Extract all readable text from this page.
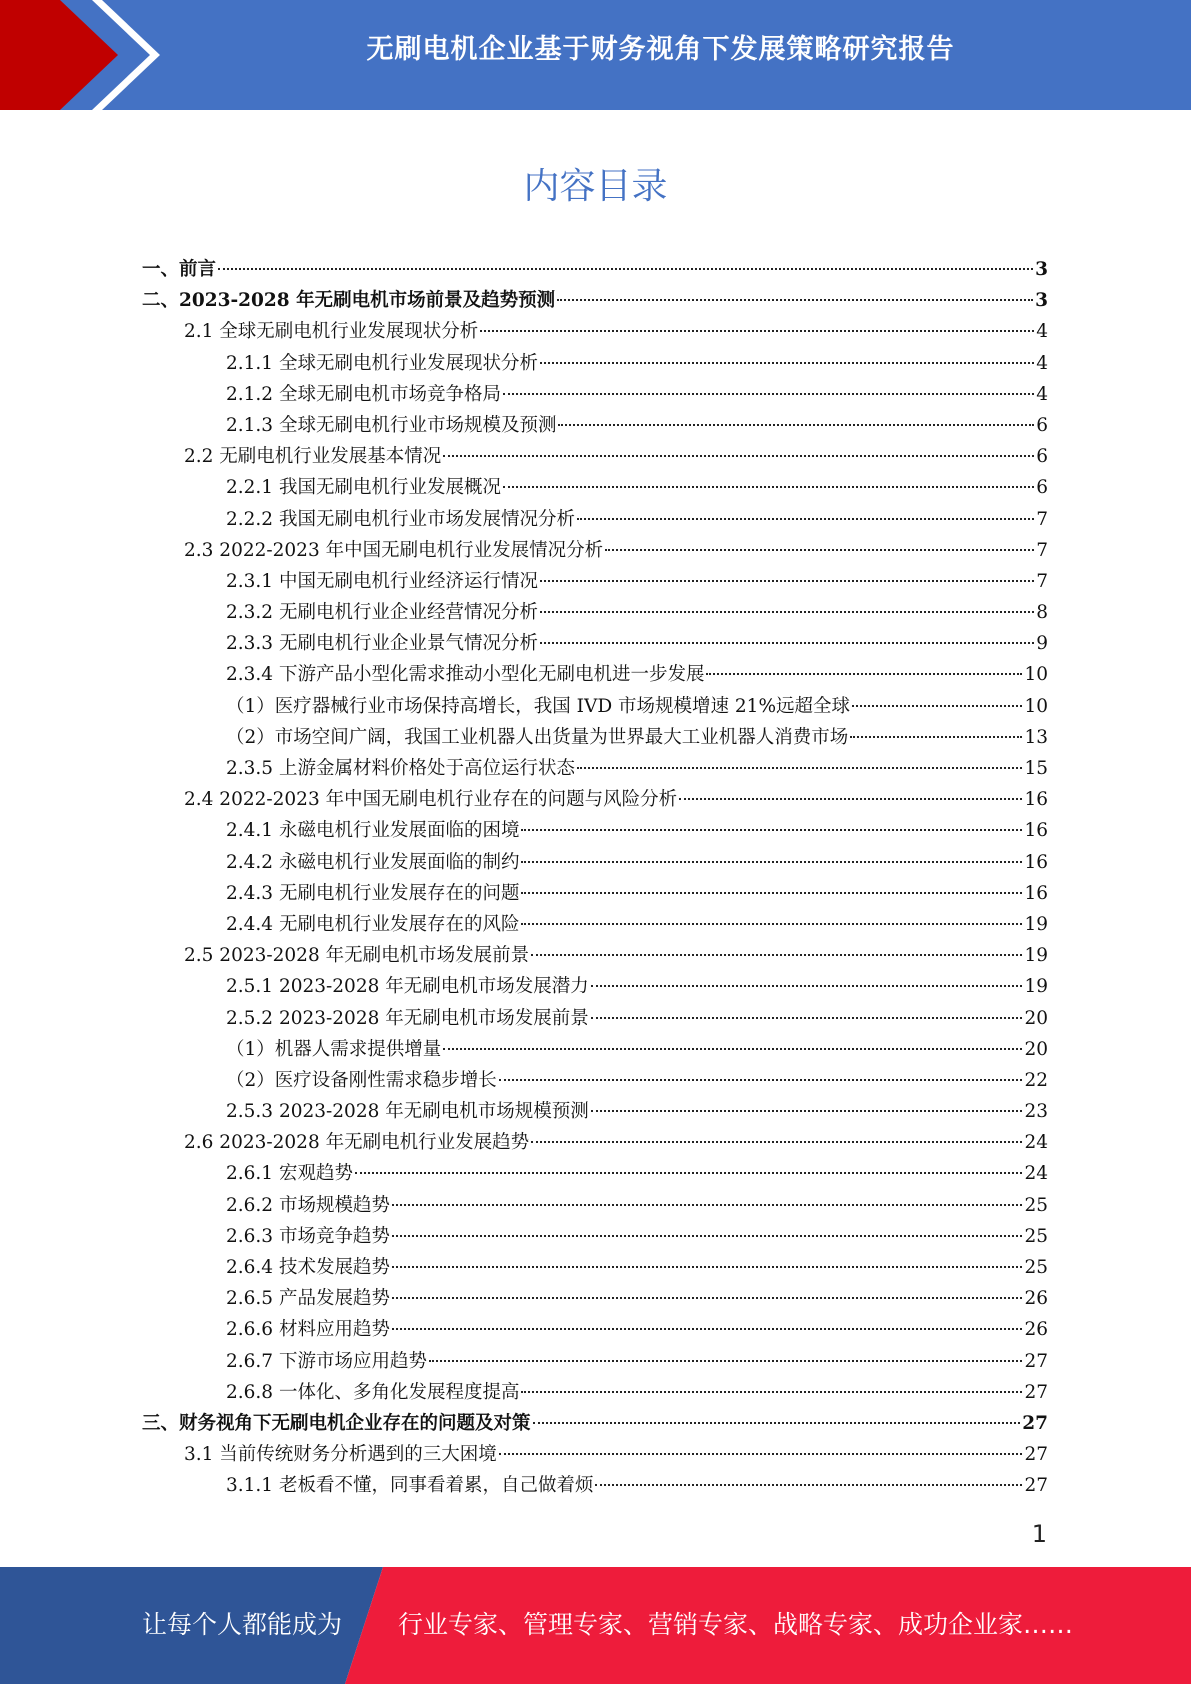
无刷电机企业基于财务视角下发展策略研究报告
内容目录
一、前言	3
二、2023-2028 年无刷电机市场前景及趋势预测	3
2.1 全球无刷电机行业发展现状分析	4
2.1.1 全球无刷电机行业发展现状分析	4
2.1.2 全球无刷电机市场竞争格局	4
2.1.3 全球无刷电机行业市场规模及预测	6
2.2 无刷电机行业发展基本情况	6
2.2.1 我国无刷电机行业发展概况	6
2.2.2 我国无刷电机行业市场发展情况分析	7
2.3 2022-2023 年中国无刷电机行业发展情况分析	7
2.3.1 中国无刷电机行业经济运行情况	7
2.3.2 无刷电机行业企业经营情况分析	8
2.3.3 无刷电机行业企业景气情况分析	9
2.3.4 下游产品小型化需求推动小型化无刷电机进一步发展	10
（1）医疗器械行业市场保持高增长，我国 IVD 市场规模增速 21%远超全球	10
（2）市场空间广阔，我国工业机器人出货量为世界最大工业机器人消费市场	13
2.3.5 上游金属材料价格处于高位运行状态	15
2.4 2022-2023 年中国无刷电机行业存在的问题与风险分析	16
2.4.1 永磁电机行业发展面临的困境	16
2.4.2 永磁电机行业发展面临的制约	16
2.4.3 无刷电机行业发展存在的问题	16
2.4.4 无刷电机行业发展存在的风险	19
2.5 2023-2028 年无刷电机市场发展前景	19
2.5.1 2023-2028 年无刷电机市场发展潜力	19
2.5.2 2023-2028 年无刷电机市场发展前景	20
（1）机器人需求提供增量	20
（2）医疗设备刚性需求稳步增长	22
2.5.3 2023-2028 年无刷电机市场规模预测	23
2.6 2023-2028 年无刷电机行业发展趋势	24
2.6.1 宏观趋势	24
2.6.2 市场规模趋势	25
2.6.3 市场竞争趋势	25
2.6.4 技术发展趋势	25
2.6.5 产品发展趋势	26
2.6.6 材料应用趋势	26
2.6.7 下游市场应用趋势	27
2.6.8 一体化、多角化发展程度提高	27
三、财务视角下无刷电机企业存在的问题及对策	27
3.1 当前传统财务分析遇到的三大困境	27
3.1.1 老板看不懂，同事看着累，自己做着烦	27
1
让每个人都能成为 行业专家、管理专家、营销专家、战略专家、成功企业家……
